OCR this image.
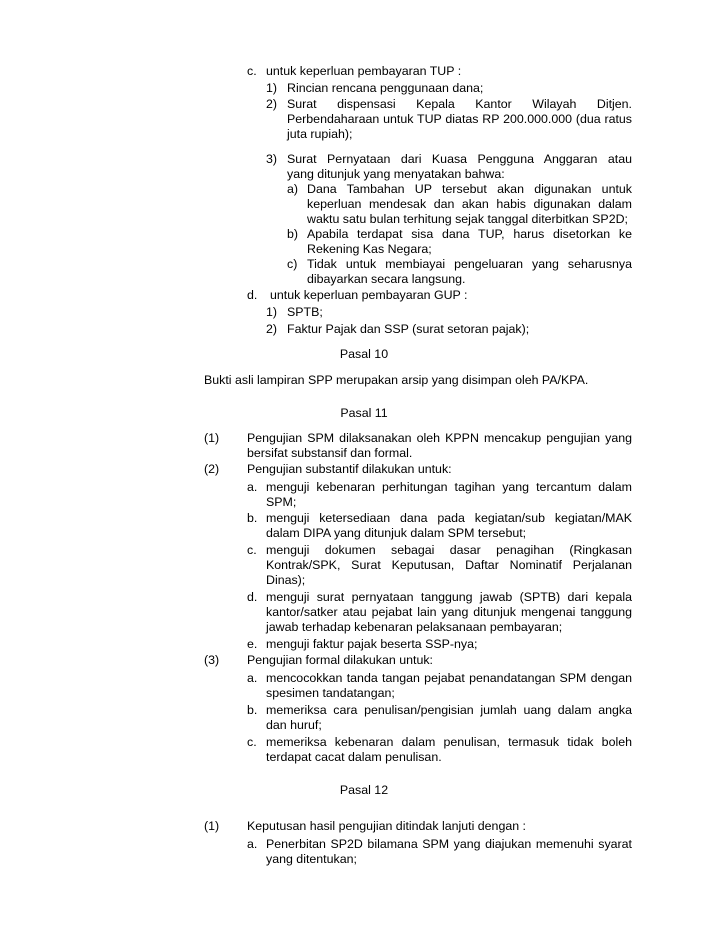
c. untuk keperluan pembayaran TUP :
1) Rincian rencana penggunaan dana;
2) Surat dispensasi Kepala Kantor Wilayah Ditjen.
Perbendaharaan untuk TUP diatas RP 200.000.000 (dua ratus
juta rupiah);
3) Surat Pernyataan dari Kuasa Pengguna Anggaran atau
yang ditunjuk yang menyatakan bahwa:
a) Dana Tambahan UP tersebut akan digunakan untuk
keperluan mendesak dan akan habis digunakan dalam
waktu satu bulan terhitung sejak tanggal diterbitkan SP2D;
b) Apabila terdapat sisa dana TUP, harus disetorkan ke
Rekening Kas Negara;
c) Tidak untuk membiayai pengeluaran yang seharusnya
dibayarkan secara langsung.
d. untuk keperluan pembayaran GUP :
1) SPTB;
2) Faktur Pajak dan SSP (surat setoran pajak);
Pasal 10
Bukti asli lampiran SPP merupakan arsip yang disimpan oleh PA/KPA.
Pasal 11
(1) Pengujian SPM dilaksanakan oleh KPPN mencakup pengujian yang
bersifat substansif dan formal.
(2) Pengujian substantif dilakukan untuk:
a. menguji kebenaran perhitungan tagihan yang tercantum dalam
SPM;
b. menguji ketersediaan dana pada kegiatan/sub kegiatan/MAK
dalam DIPA yang ditunjuk dalam SPM tersebut;
c. menguji dokumen sebagai dasar penagihan (Ringkasan
Kontrak/SPK, Surat Keputusan, Daftar Nominatif Perjalanan
Dinas);
d. menguji surat pernyataan tanggung jawab (SPTB) dari kepala
kantor/satker atau pejabat lain yang ditunjuk mengenai tanggung
jawab terhadap kebenaran pelaksanaan pembayaran;
e. menguji faktur pajak beserta SSP-nya;
(3) Pengujian formal dilakukan untuk:
a. mencocokkan tanda tangan pejabat penandatangan SPM dengan
spesimen tandatangan;
b. memeriksa cara penulisan/pengisian jumlah uang dalam angka
dan huruf;
c. memeriksa kebenaran dalam penulisan, termasuk tidak boleh
terdapat cacat dalam penulisan.
Pasal 12
(1) Keputusan hasil pengujian ditindak lanjuti dengan :
a. Penerbitan SP2D bilamana SPM yang diajukan memenuhi syarat
yang ditentukan;
